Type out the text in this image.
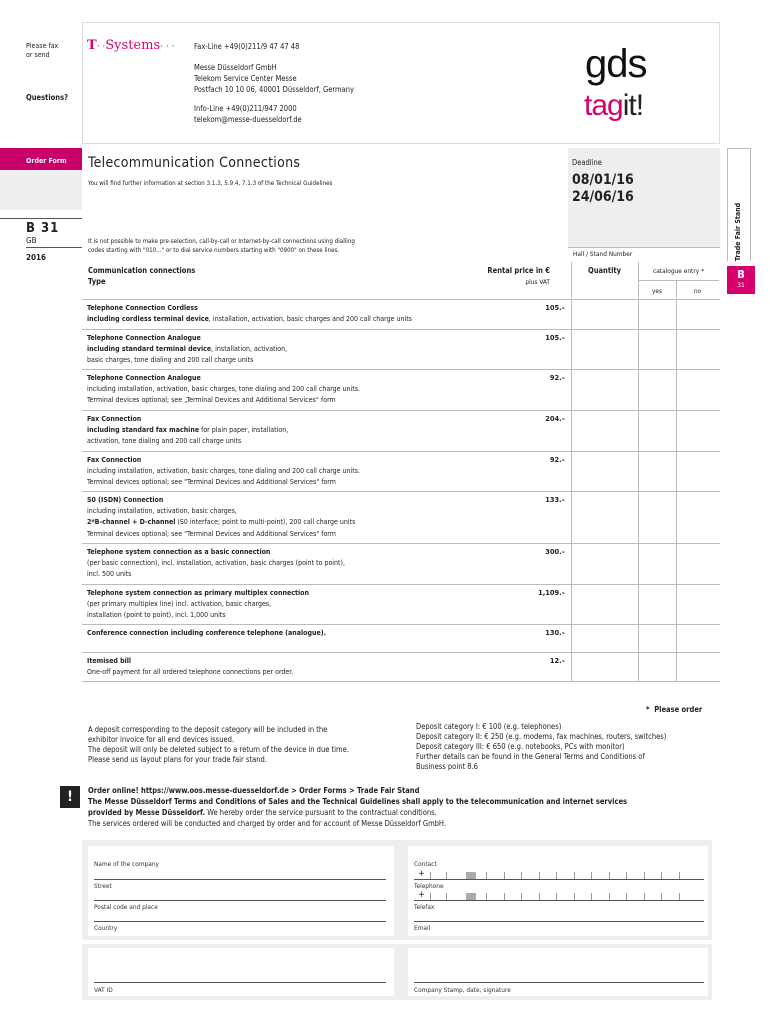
Please fax
or send
Questions?
T· ·Systems· · ·	Fax-Line +49(0)211/9 47 47 48
Messe Düsseldorf GmbH
Telekom Service Center Messe
Postfach 10 10 06, 40001 Düsseldorf, Germany
Info-Line +49(0)211/947 2000
telekom@messe-duesseldorf.de
gds
tagit!
Order Form
B 31
GB
2016
Telecommunication Connections
You will find further information at section 3.1.3, 5.9.4, 7.1.3 of the Technical Guidelines
It is not possible to make pre-selection, call-by-call or Internet-by-call connections using dialling
codes starting with "010..." or to dial service numbers starting with "0900" on these lines.
Deadline
08/01/16
24/06/16
Hall / Stand Number	Trade Fair Stand
B
31
Communication connections
Type
Rental price in €
plus VAT
Quantity	catalogue entry *
yes	no
Telephone Connection Cordless
including cordless terminal device, installation, activation, basic charges and 200 call charge units
105.–
Telephone Connection Analogue
including standard terminal device, installation, activation,
basic charges, tone dialing and 200 call charge units
105.–
Telephone Connection Analogue
including installation, activation, basic charges, tone dialing and 200 call charge units.
Terminal devices optional; see „Terminal Devices and Additional Services“ form
92.–
Fax Connection
including standard fax machine for plain paper, installation,
activation, tone dialing and 200 call charge units
204.–
Fax Connection
including installation, activation, basic charges, tone dialing and 200 call charge units.
Terminal devices optional; see "Terminal Devices and Additional Services" form
92.–
S0 (ISDN) Connection
including installation, activation, basic charges,
2*B-channel + D-channel (S0 interface; point to multi-point), 200 call charge units
Terminal devices optional; see "Terminal Devices and Additional Services" form
133.–
Telephone system connection as a basic connection
(per basic connection), incl. installation, activation, basic charges (point to point),
incl. 500 units
300.–
Telephone system connection as primary multiplex connection
(per primary multiplex line) incl. activation, basic charges,
installation (point to point), incl. 1,000 units
1,109.–
Conference connection including conference telephone (analogue).	130.–
Itemised bill
One-off payment for all ordered telephone connections per order.
12.–

*  Please order

A deposit corresponding to the deposit category will be included in the
exhibitor invoice for all end devices issued.
The deposit will only be deleted subject to a return of the device in due time.
Please send us layout plans for your trade fair stand.
Deposit category I: € 100 (e.g. telephones)
Deposit category II: € 250 (e.g. modems, fax machines, routers, switches)
Deposit category III: € 650 (e.g. notebooks, PCs with monitor)
Further details can be found in the General Terms and Conditions of
Business point 8.6
!	Order online! https://www.oos.messe-duesseldorf.de > Order Forms > Trade Fair Stand
The Messe Düsseldorf Terms and Conditions of Sales and the Technical Guidelines shall apply to the telecommunication and internet services
provided by Messe Düsseldorf. We hereby order the service pursuant to the contractual conditions.
The services ordered will be conducted and charged by order and for account of Messe Düsseldorf GmbH.
Name of the company
Street
Postal code and place
Country
Contact
+
Telephone
+
Telefax
Email
VAT ID	Company Stamp, date, signature
